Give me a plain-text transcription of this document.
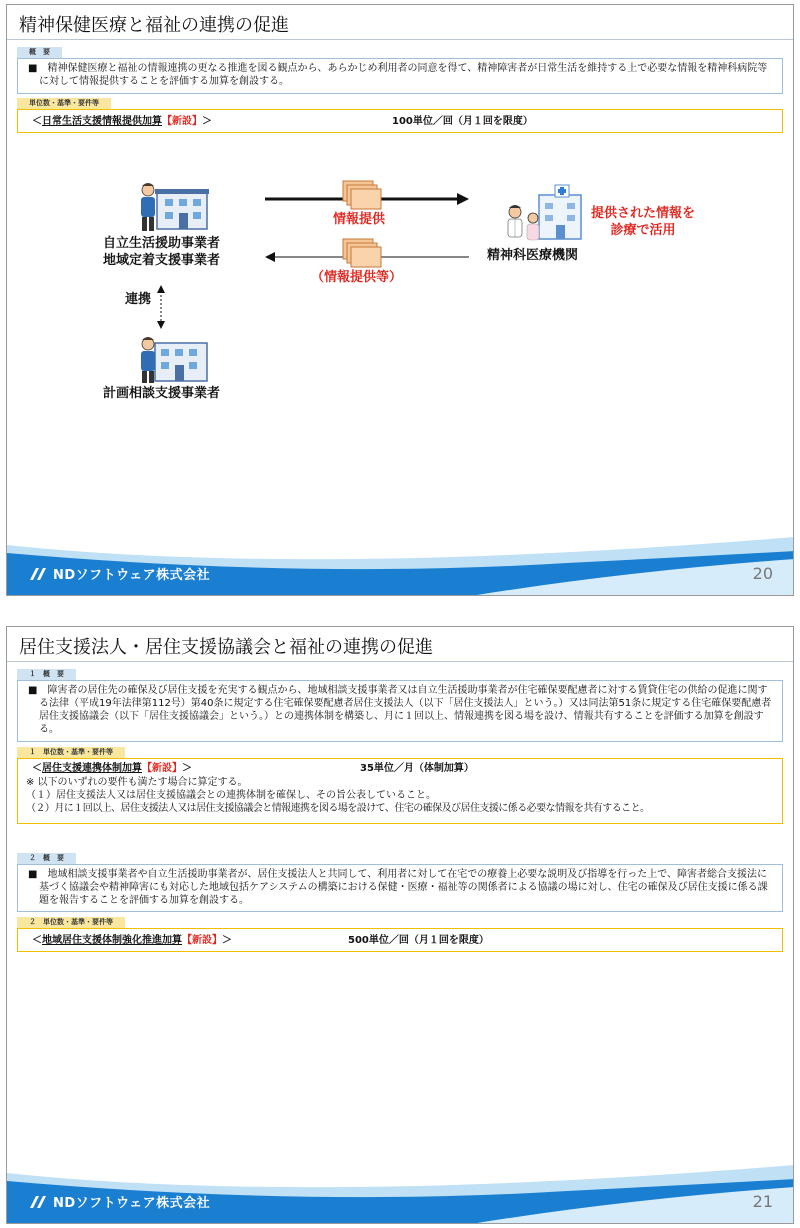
精神保健医療と福祉の連携の促進
概　要
■　精神保健医療と福祉の情報連携の更なる推進を図る観点から、あらかじめ利用者の同意を得て、精神障害者が日常生活を維持する上で必要な情報を精神科病院等に対して情報提供することを評価する加算を創設する。
単位数・基準・要件等
＜日常生活支援情報提供加算【新設】＞	100単位／回（月１回を限度）
自立生活援助事業者
地域定着支援事業者
情報提供
（情報提供等）
精神科医療機関
提供された情報を
診療で活用
連携
計画相談支援事業者
NDソフトウェア株式会社	20
居住支援法人・居住支援協議会と福祉の連携の促進
１　概　要
■　障害者の居住先の確保及び居住支援を充実する観点から、地域相談支援事業者又は自立生活援助事業者が住宅確保要配慮者に対する賃貸住宅の供給の促進に関する法律（平成19年法律第112号）第40条に規定する住宅確保要配慮者居住支援法人（以下「居住支援法人」という。）又は同法第51条に規定する住宅確保要配慮者居住支援協議会（以下「居住支援協議会」という。）との連携体制を構築し、月に１回以上、情報連携を図る場を設け、情報共有することを評価する加算を創設する。
１　単位数・基準・要件等
＜居住支援連携体制加算【新設】＞	35単位／月（体制加算）
※ 以下のいずれの要件も満たす場合に算定する。
（１）居住支援法人又は居住支援協議会との連携体制を確保し、その旨公表していること。
（２）月に１回以上、居住支援法人又は居住支援協議会と情報連携を図る場を設けて、住宅の確保及び居住支援に係る必要な情報を共有すること。
２　概　要
■　地域相談支援事業者や自立生活援助事業者が、居住支援法人と共同して、利用者に対して在宅での療養上必要な説明及び指導を行った上で、障害者総合支援法に基づく協議会や精神障害にも対応した地域包括ケアシステムの構築における保健・医療・福祉等の関係者による協議の場に対し、住宅の確保及び居住支援に係る課題を報告することを評価する加算を創設する。
２　単位数・基準・要件等
＜地域居住支援体制強化推進加算【新設】＞	500単位／回（月１回を限度）
NDソフトウェア株式会社	21
